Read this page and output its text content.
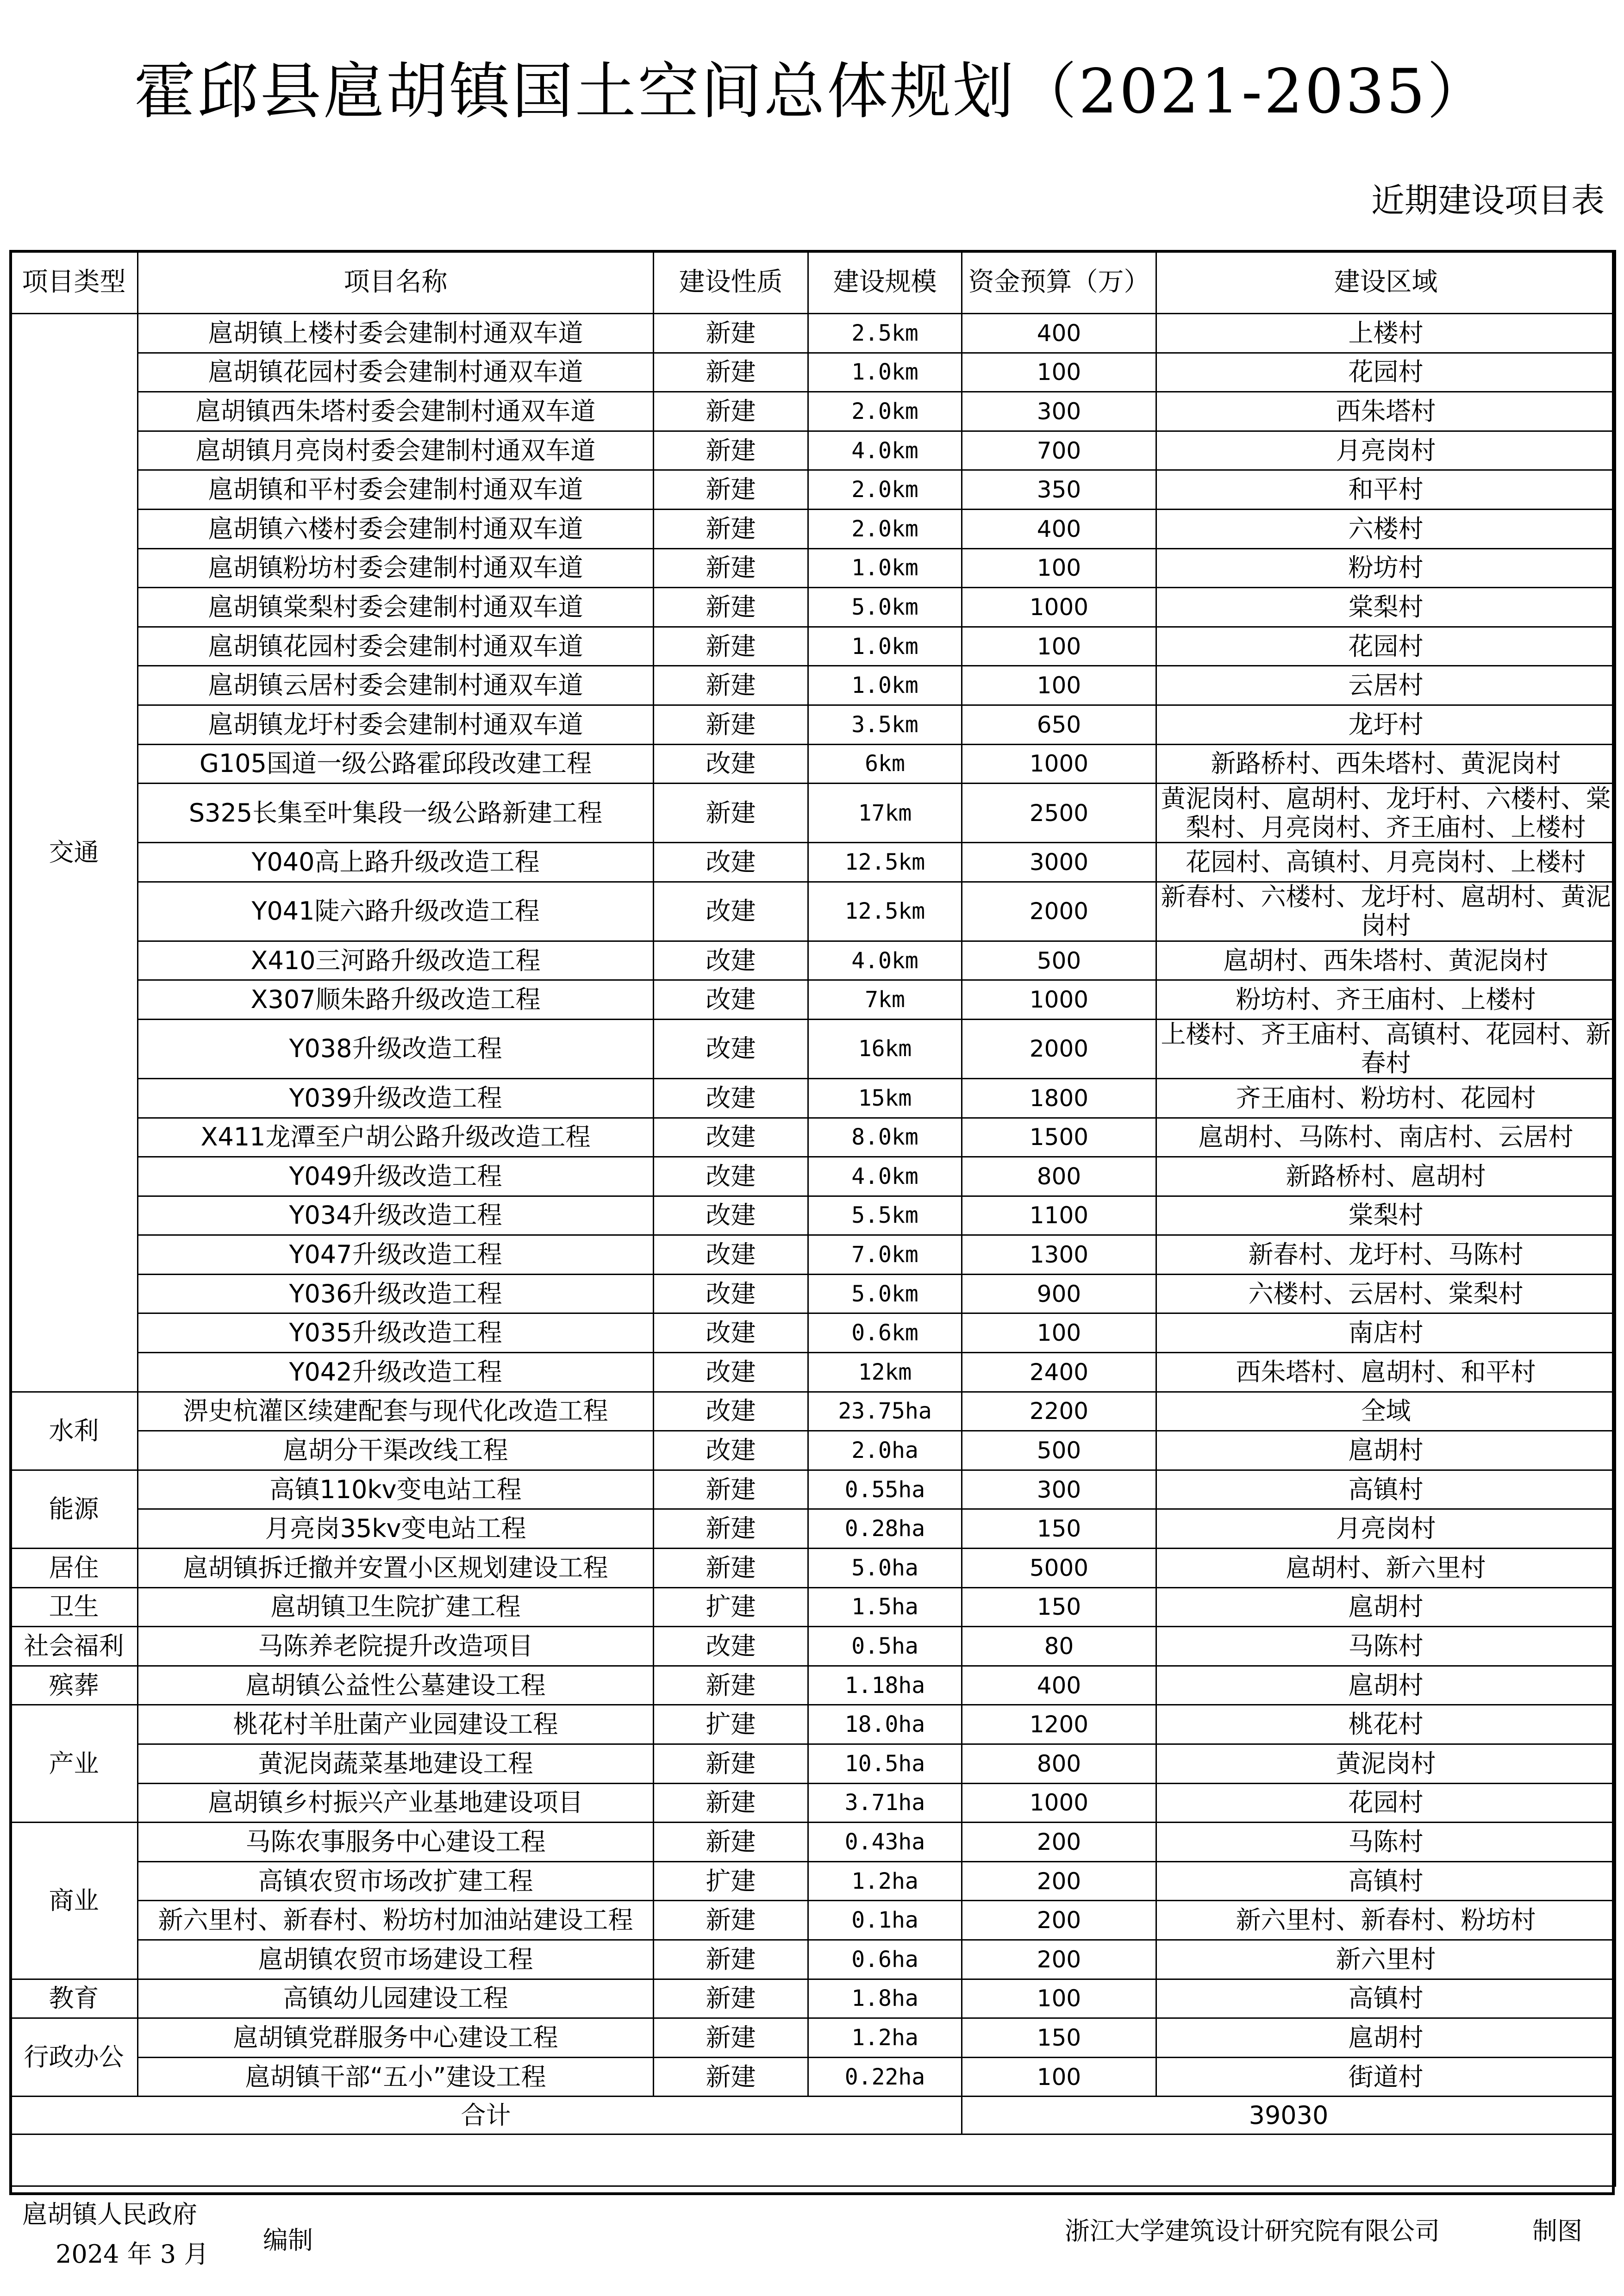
霍邱县扈胡镇国土空间总体规划（2021-2035）
近期建设项目表
项目类型	项目名称	建设性质	建设规模	资金预算（万）	建设区域
交通	扈胡镇上楼村委会建制村通双车道	新建	2.5km	400	上楼村
	扈胡镇花园村委会建制村通双车道	新建	1.0km	100	花园村
	扈胡镇西朱塔村委会建制村通双车道	新建	2.0km	300	西朱塔村
	扈胡镇月亮岗村委会建制村通双车道	新建	4.0km	700	月亮岗村
	扈胡镇和平村委会建制村通双车道	新建	2.0km	350	和平村
	扈胡镇六楼村委会建制村通双车道	新建	2.0km	400	六楼村
	扈胡镇粉坊村委会建制村通双车道	新建	1.0km	100	粉坊村
	扈胡镇棠梨村委会建制村通双车道	新建	5.0km	1000	棠梨村
	扈胡镇花园村委会建制村通双车道	新建	1.0km	100	花园村
	扈胡镇云居村委会建制村通双车道	新建	1.0km	100	云居村
	扈胡镇龙圩村委会建制村通双车道	新建	3.5km	650	龙圩村
	G105国道一级公路霍邱段改建工程	改建	6km	1000	新路桥村、西朱塔村、黄泥岗村
	S325长集至叶集段一级公路新建工程	新建	17km	2500	黄泥岗村、扈胡村、龙圩村、六楼村、棠梨村、月亮岗村、齐王庙村、上楼村
	Y040高上路升级改造工程	改建	12.5km	3000	花园村、高镇村、月亮岗村、上楼村
	Y041陡六路升级改造工程	改建	12.5km	2000	新春村、六楼村、龙圩村、扈胡村、黄泥岗村
	X410三河路升级改造工程	改建	4.0km	500	扈胡村、西朱塔村、黄泥岗村
	X307顺朱路升级改造工程	改建	7km	1000	粉坊村、齐王庙村、上楼村
	Y038升级改造工程	改建	16km	2000	上楼村、齐王庙村、高镇村、花园村、新春村
	Y039升级改造工程	改建	15km	1800	齐王庙村、粉坊村、花园村
	X411龙潭至户胡公路升级改造工程	改建	8.0km	1500	扈胡村、马陈村、南店村、云居村
	Y049升级改造工程	改建	4.0km	800	新路桥村、扈胡村
	Y034升级改造工程	改建	5.5km	1100	棠梨村
	Y047升级改造工程	改建	7.0km	1300	新春村、龙圩村、马陈村
	Y036升级改造工程	改建	5.0km	900	六楼村、云居村、棠梨村
	Y035升级改造工程	改建	0.6km	100	南店村
	Y042升级改造工程	改建	12km	2400	西朱塔村、扈胡村、和平村
水利	淠史杭灌区续建配套与现代化改造工程	改建	23.75ha	2200	全域
	扈胡分干渠改线工程	改建	2.0ha	500	扈胡村
能源	高镇110kv变电站工程	新建	0.55ha	300	高镇村
	月亮岗35kv变电站工程	新建	0.28ha	150	月亮岗村
居住	扈胡镇拆迁撤并安置小区规划建设工程	新建	5.0ha	5000	扈胡村、新六里村
卫生	扈胡镇卫生院扩建工程	扩建	1.5ha	150	扈胡村
社会福利	马陈养老院提升改造项目	改建	0.5ha	80	马陈村
殡葬	扈胡镇公益性公墓建设工程	新建	1.18ha	400	扈胡村
产业	桃花村羊肚菌产业园建设工程	扩建	18.0ha	1200	桃花村
	黄泥岗蔬菜基地建设工程	新建	10.5ha	800	黄泥岗村
	扈胡镇乡村振兴产业基地建设项目	新建	3.71ha	1000	花园村
商业	马陈农事服务中心建设工程	新建	0.43ha	200	马陈村
	高镇农贸市场改扩建工程	扩建	1.2ha	200	高镇村
	新六里村、新春村、粉坊村加油站建设工程	新建	0.1ha	200	新六里村、新春村、粉坊村
	扈胡镇农贸市场建设工程	新建	0.6ha	200	新六里村
教育	高镇幼儿园建设工程	新建	1.8ha	100	高镇村
行政办公	扈胡镇党群服务中心建设工程	新建	1.2ha	150	扈胡村
	扈胡镇干部“五小”建设工程	新建	0.22ha	100	街道村
合计				39030	

扈胡镇人民政府
2024 年 3 月 编制	浙江大学建筑设计研究院有限公司	制图
